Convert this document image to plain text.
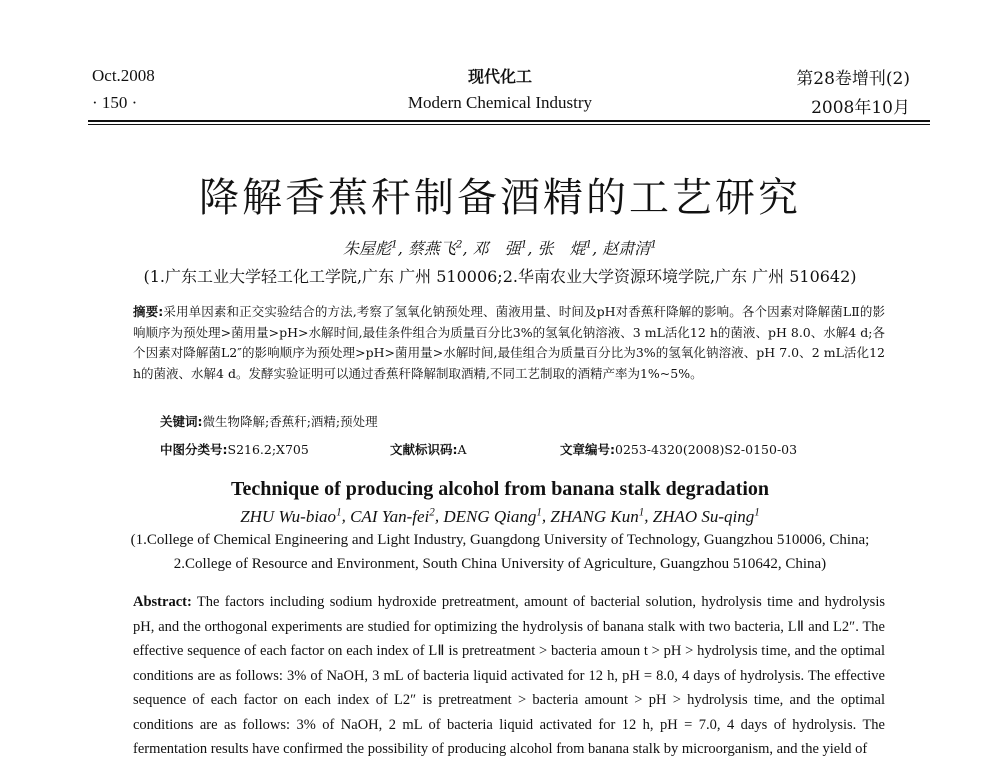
Oct.2008
· 150 ·
现代化工
Modern Chemical Industry
第28卷增刊(2)
2008年10月
降解香蕉秆制备酒精的工艺研究
朱屋彪$^1$, 蔡燕飞$^2$, 邓　强$^1$, 张　焜$^1$, 赵肃清$^1$
(1.广东工业大学轻工化工学院,广东 广州 510006;2.华南农业大学资源环境学院,广东 广州 510642)
摘要:采用单因素和正交实验结合的方法,考察了氢氧化钠预处理、菌液用量、时间及pH对香蕉秆降解的影响。各个因素对降解菌LⅡ的影响顺序为预处理>菌用量>pH>水解时间,最佳条件组合为质量百分比3%的氢氧化钠溶液、3 mL活化12 h的菌液、pH 8.0、水解4 d;各个因素对降解菌L2″的影响顺序为预处理>pH>菌用量>水解时间,最佳组合为质量百分比为3%的氢氧化钠溶液、pH 7.0、2 mL活化12 h的菌液、水解4 d。发酵实验证明可以通过香蕉秆降解制取酒精,不同工艺制取的酒精产率为1%~5%。
关键词:微生物降解;香蕉秆;酒精;预处理
中图分类号:S216.2;X705	文献标识码:A	文章编号:0253-4320(2008)S2-0150-03
Technique of producing alcohol from banana stalk degradation
ZHU Wu-biao$^1$, CAI Yan-fei$^2$, DENG Qiang$^1$, ZHANG Kun$^1$, ZHAO Su-qing$^1$
(1.College of Chemical Engineering and Light Industry, Guangdong University of Technology, Guangzhou 510006, China;
2.College of Resource and Environment, South China University of Agriculture, Guangzhou 510642, China)
Abstract: The factors including sodium hydroxide pretreatment, amount of bacterial solution, hydrolysis time and hydrolysis pH, and the orthogonal experiments are studied for optimizing the hydrolysis of banana stalk with two bacteria, LⅡ and L2″. The effective sequence of each factor on each index of LⅡ is pretreatment > bacteria amoun t > pH > hydrolysis time, and the optimal conditions are as follows: 3% of NaOH, 3 mL of bacteria liquid activated for 12 h, pH = 8.0, 4 days of hydrolysis. The effective sequence of each factor on each index of L2″ is pretreatment > bacteria amount > pH > hydrolysis time, and the optimal conditions are as follows: 3% of NaOH, 2 mL of bacteria liquid activated for 12 h, pH = 7.0, 4 days of hydrolysis. The fermentation results have confirmed the possibility of producing alcohol from banana stalk by microorganism, and the yield of
